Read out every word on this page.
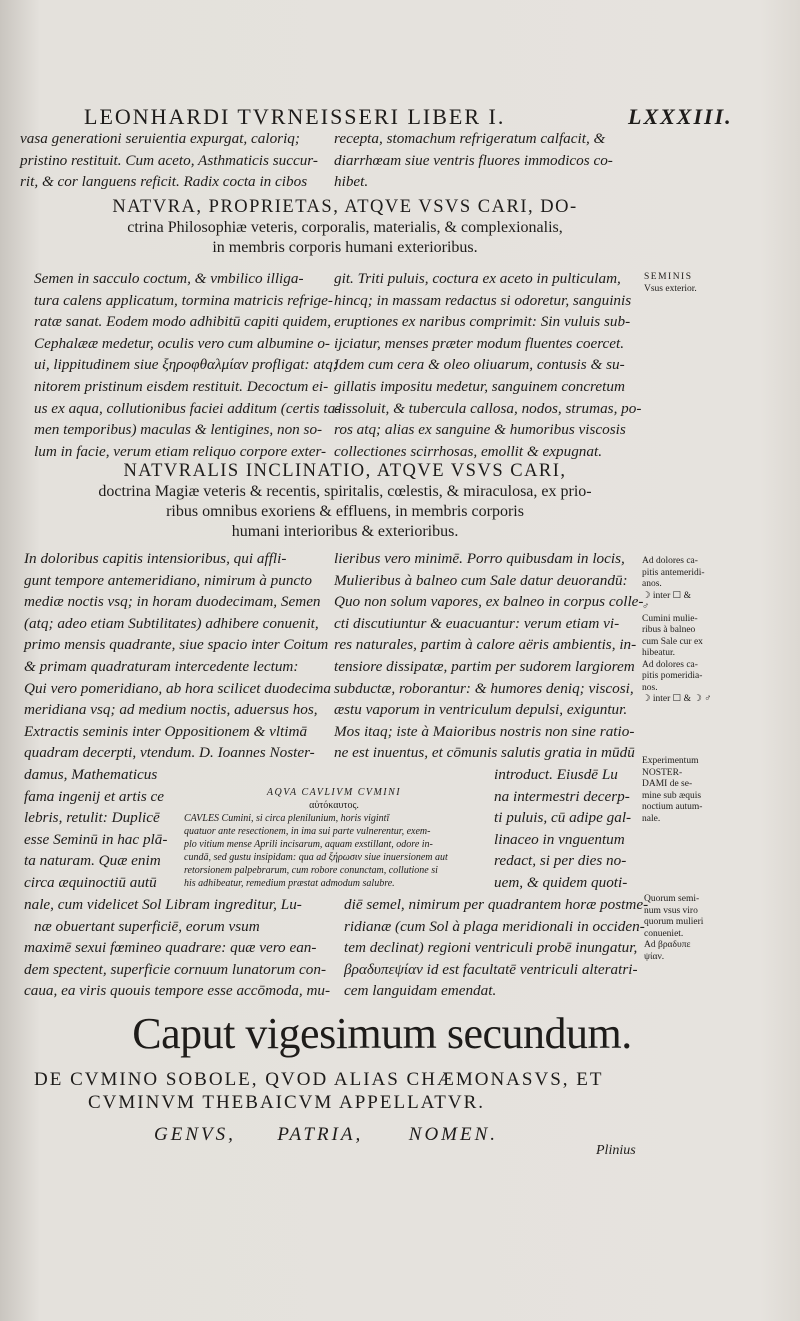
LEONHARDI TVRNEISSERI LIBER I.	LXXXIII.
vasa generationi seruientia expurgat, caloriq;
pristino restituit. Cum aceto, Asthmaticis succur-
rit, & cor languens reficit. Radix cocta in cibos
recepta, stomachum refrigeratum calfacit, &
diarrhœam siue ventris fluores immodicos co-
hibet.
NATVRA, PROPRIETAS, ATQVE VSVS CARI, DO-
ctrina Philosophiæ veteris, corporalis, materialis, & complexionalis,
in membris corporis humani exterioribus.
Semen in sacculo coctum, & vmbilico illiga-
tura calens applicatum, tormina matricis refrige-
ratæ sanat. Eodem modo adhibitū capiti quidem,
Cephalææ medetur, oculis vero cum albumine o-
ui, lippitudinem siue ξηροφθαλμίαν profligat: atq;
nitorem pristinum eisdem restituit. Decoctum ei-
us ex aqua, collutionibus faciei additum (certis ta-
men temporibus) maculas & lentigines, non so-
lum in facie, verum etiam reliquo corpore exter-
git. Triti puluis, coctura ex aceto in pulticulam,
hincq; in massam redactus si odoretur, sanguinis
eruptiones ex naribus comprimit: Sin vuluis sub-
ijciatur, menses præter modum fluentes coercet.
Idem cum cera & oleo oliuarum, contusis & su-
gillatis impositu medetur, sanguinem concretum
dissoluit, & tubercula callosa, nodos, strumas, po-
ros atq; alias ex sanguine & humoribus viscosis
collectiones scirrhosas, emollit & expugnat.
SEMINIS
Vsus exterior.
NATVRALIS INCLINATIO, ATQVE VSVS CARI,
doctrina Magiæ veteris & recentis, spiritalis, cœlestis, & miraculosa, ex prio-
ribus omnibus exoriens & effluens, in membris corporis
humani interioribus & exterioribus.
In doloribus capitis intensioribus, qui affli-
gunt tempore antemeridiano, nimirum à puncto
mediæ noctis vsq; in horam duodecimam, Semen
(atq; adeo etiam Subtilitates) adhibere conuenit,
primo mensis quadrante, siue spacio inter Coitum
& primam quadraturam intercedente lectum:
Qui vero pomeridiano, ab hora scilicet duodecima
meridiana vsq; ad medium noctis, aduersus hos,
Extractis seminis inter Oppositionem & vltimā
quadram decerpti, vtendum. D. Ioannes Noster-
damus, Mathematicus
fama ingenij et artis ce
lebris, retulit: Duplicē
esse Seminū in hac plā-
ta naturam. Quæ enim
circa æquinoctiū autū
nale, cum videlicet Sol Libram ingreditur, Lu-
næ obuertant superficiē, eorum vsum
maximē sexui fœmineo quadrare: quæ vero ean-
dem spectent, superficie cornuum lunatorum con-
caua, ea viris quouis tempore esse accōmoda, mu-
lieribus vero minimē. Porro quibusdam in locis,
Mulieribus à balneo cum Sale datur deuorandū:
Quo non solum vapores, ex balneo in corpus colle-
cti discutiuntur & euacuantur: verum etiam vi-
res naturales, partim à calore aëris ambientis, in-
tensiore dissipatæ, partim per sudorem largiorem
subductæ, roborantur: & humores deniq; viscosi,
æstu vaporum in ventriculum depulsi, exiguntur.
Mos itaq; iste à Maioribus nostris non sine ratio-
ne est inuentus, et cōmunis salutis gratia in mūdū
introduct. Eiusdē Lu
na intermestri decerp-
ti puluis, cū adipe gal-
linaceo in vnguentum
redact, si per dies no-
uem, & quidem quoti-
diē semel, nimirum per quadrantem horæ postme-
ridianæ (cum Sol à plaga meridionali in occiden-
tem declinat) regioni ventriculi probē inungatur,
βραδυπεψίαν id est facultatē ventriculi alteratri-
cem languidam emendat.
AQVA CAVLIVM CVMINI
αὐτόκαυτος.
CAVLES Cumini, si circa plenilunium, horis vigintī
quatuor ante resectionem, in ima sui parte vulnerentur, exem-
plo vitium mense Aprili incisarum, aquam exstillant, odore in-
cundā, sed gustu insipidam: qua ad ξήρωσιν siue inuersionem aut
retorsionem palpebrarum, cum robore conunctam, collutione si
his adhibeatur, remedium præstat admodum salubre.
Ad dolores ca-
pitis antemeridi-
anos.
☽ inter ☐ &
♂
Cumini mulie-
ribus à balneo
cum Sale cur ex
hibeatur.
Ad dolores ca-
pitis pomeridia-
nos.
☽ inter ☐ & ☽ ♂
Experimentum
NOSTER-
DAMI de se-
mine sub æquis
noctium autum-
nale.
Quorum semi-
num vsus viro
quorum mulieri
conueniet.
Ad βραδυπε
ψίαν.
Caput vigesimum secundum.
DE CVMINO SOBOLE, QVOD ALIAS CHÆMONASVS, ET
CVMINVM THEBAICVM APPELLATVR.
GENVS, PATRIA, NOMEN.
Plinius
